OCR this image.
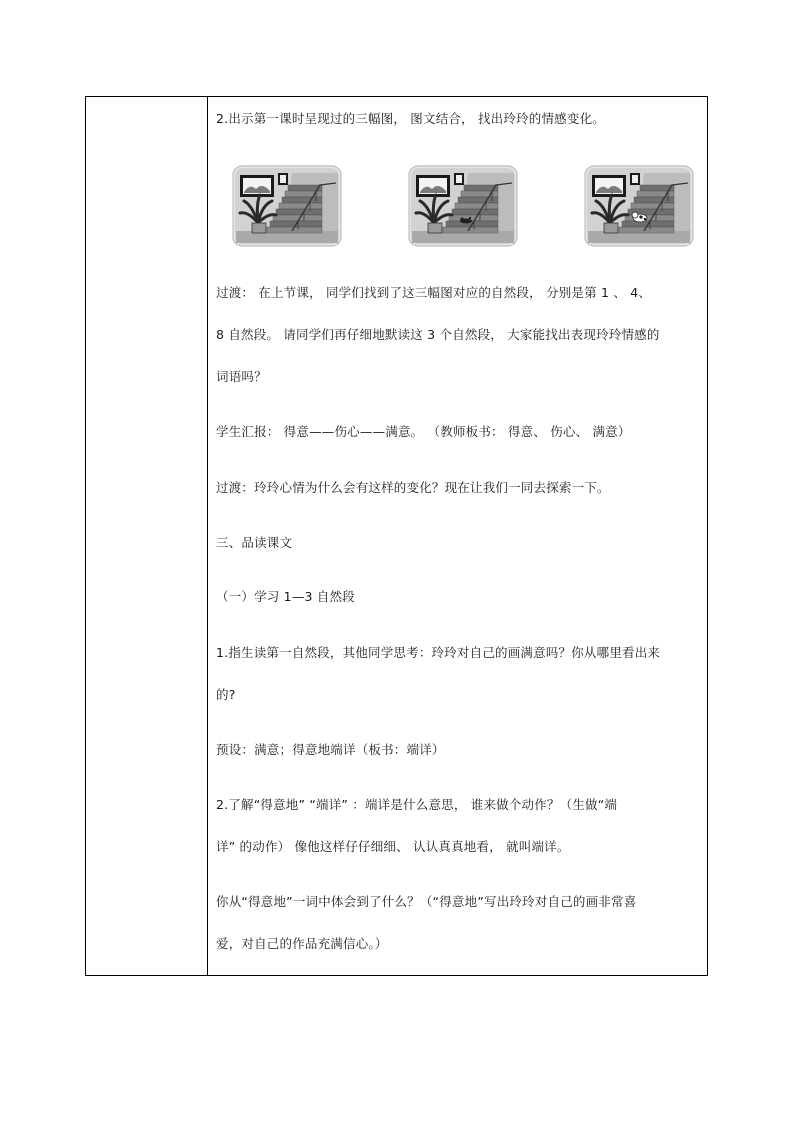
2.出示第一课时呈现过的三幅图， 图文结合， 找出玲玲的情感变化。
过渡： 在上节课， 同学们找到了这三幅图对应的自然段， 分别是第 1 、 4、
8 自然段。 请同学们再仔细地默读这 3 个自然段， 大家能找出表现玲玲情感的
词语吗？
学生汇报： 得意——伤心——满意。 （教师板书： 得意、 伤心、 满意）
过渡：玲玲心情为什么会有这样的变化？现在让我们一同去探索一下。
三、品读课文
（一）学习 1—3 自然段
1.指生读第一自然段，其他同学思考：玲玲对自己的画满意吗？你从哪里看出来
的?
预设：满意；得意地端详（板书：端详）
2.了解“得意地” “端详” ：端详是什么意思， 谁来做个动作？（生做“端
详” 的动作） 像他这样仔仔细细、 认认真真地看， 就叫端详。
你从“得意地”一词中体会到了什么？（“得意地”写出玲玲对自己的画非常喜
爱，对自己的作品充满信心。）
